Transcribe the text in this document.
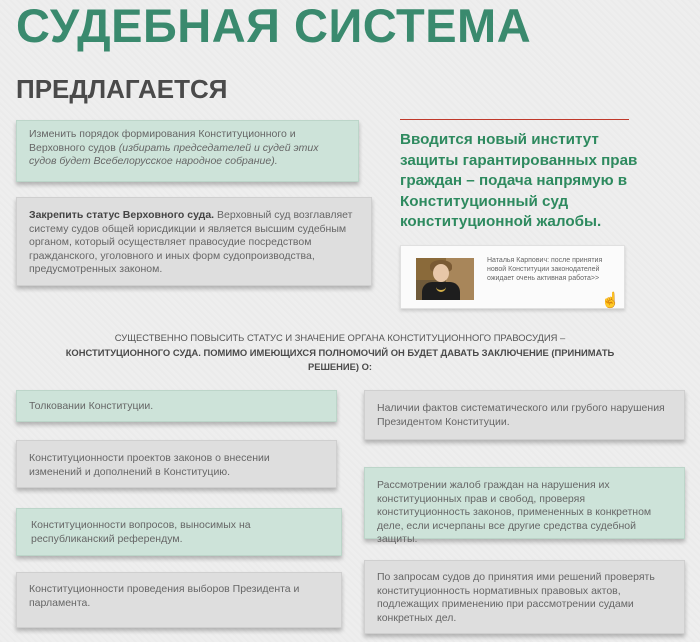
СУДЕБНАЯ СИСТЕМА
ПРЕДЛАГАЕТСЯ
Изменить порядок формирования Конституционного и Верховного судов (избирать председателей и судей этих судов будет Всебелорусское народное собрание).
Закрепить статус Верховного суда. Верховный суд возглавляет систему судов общей юрисдикции и является высшим судебным органом, который осуществляет правосудие посредством гражданского, уголовного и иных форм судопроизводства, предусмотренных законом.

Вводится новый институт защиты гарантированных прав граждан – подача напрямую в Конституционный суд конституционной жалобы.

Наталья Карпович: после принятия новой Конституции законодателей ожидает очень активная работа>>
☝

СУЩЕСТВЕННО ПОВЫСИТЬ СТАТУС И ЗНАЧЕНИЕ ОРГАНА КОНСТИТУЦИОННОГО ПРАВОСУДИЯ –
КОНСТИТУЦИОННОГО СУДА. ПОМИМО ИМЕЮЩИХСЯ ПОЛНОМОЧИЙ ОН БУДЕТ ДАВАТЬ ЗАКЛЮЧЕНИЕ (ПРИНИМАТЬ РЕШЕНИЕ) О:

Толковании Конституции.
Конституционности проектов законов о внесении изменений и дополнений в Конституцию.
Конституционности вопросов, выносимых на республиканский референдум.
Конституционности проведения выборов Президента и парламента.
Наличии фактов систематического или грубого нарушения Президентом Конституции.
Рассмотрении жалоб граждан на нарушения их конституционных прав и свобод, проверяя конституционность законов, примененных в конкретном деле, если исчерпаны все другие средства судебной защиты.
По запросам судов до принятия ими решений проверять конституционность нормативных правовых актов, подлежащих применению при рассмотрении судами конкретных дел.
